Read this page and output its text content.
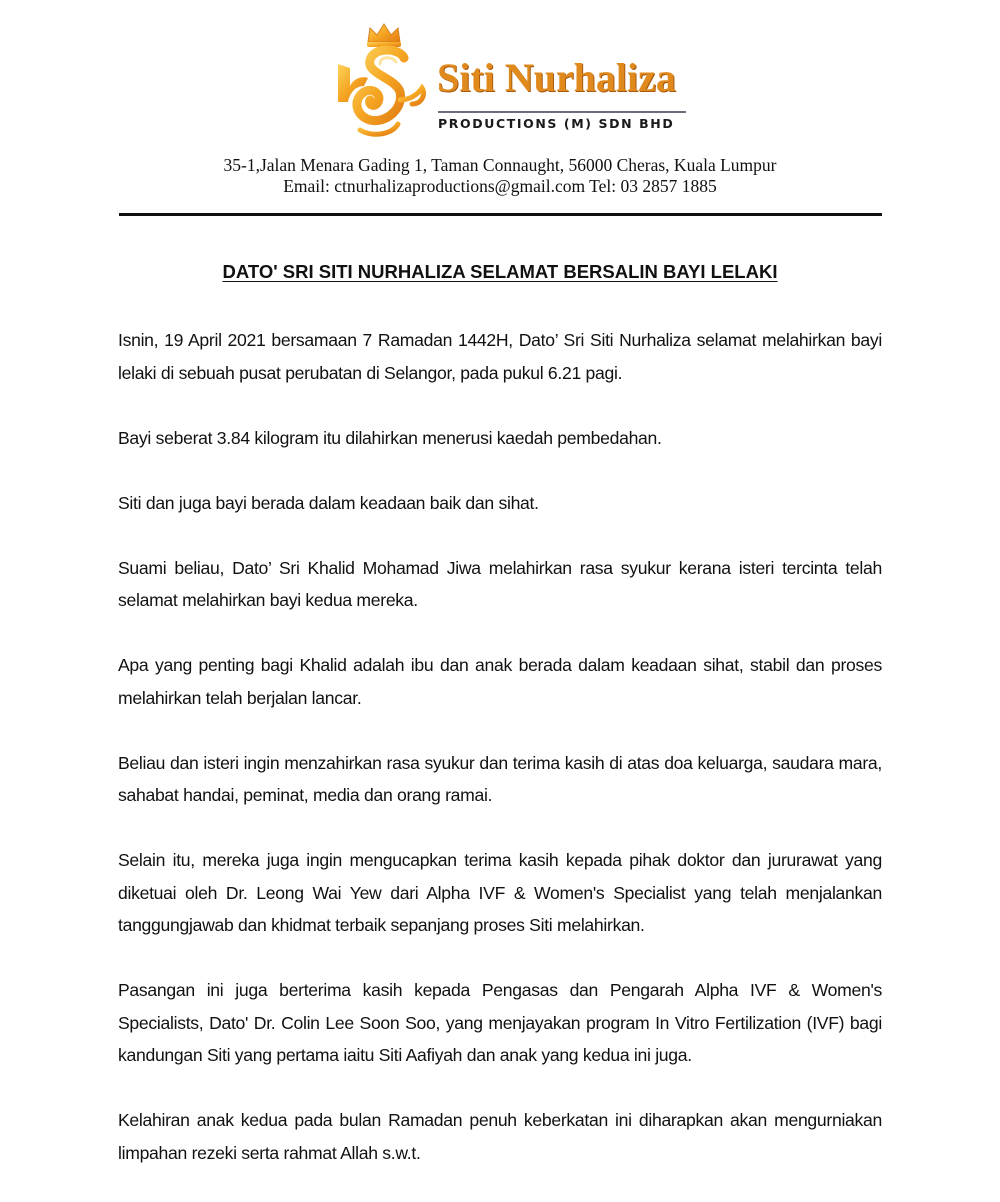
Siti Nurhaliza
PRODUCTIONS (M) SDN BHD
35-1,Jalan Menara Gading 1, Taman Connaught, 56000 Cheras, Kuala Lumpur
Email: ctnurhalizaproductions@gmail.com Tel: 03 2857 1885
DATO' SRI SITI NURHALIZA SELAMAT BERSALIN BAYI LELAKI

Isnin, 19 April 2021 bersamaan 7 Ramadan 1442H, Dato’ Sri Siti Nurhaliza selamat melahirkan bayi lelaki di sebuah pusat perubatan di Selangor, pada pukul 6.21 pagi.

Bayi seberat 3.84 kilogram itu dilahirkan menerusi kaedah pembedahan.

Siti dan juga bayi berada dalam keadaan baik dan sihat.

Suami beliau, Dato’ Sri Khalid Mohamad Jiwa melahirkan rasa syukur kerana isteri tercinta telah selamat melahirkan bayi kedua mereka.

Apa yang penting bagi Khalid adalah ibu dan anak berada dalam keadaan sihat, stabil dan proses melahirkan telah berjalan lancar.

Beliau dan isteri ingin menzahirkan rasa syukur dan terima kasih di atas doa keluarga, saudara mara, sahabat handai, peminat, media dan orang ramai.

Selain itu, mereka juga ingin mengucapkan terima kasih kepada pihak doktor dan jururawat yang diketuai oleh Dr. Leong Wai Yew dari Alpha IVF & Women's Specialist yang telah menjalankan tanggungjawab dan khidmat terbaik sepanjang proses Siti melahirkan.

Pasangan ini juga berterima kasih kepada Pengasas dan Pengarah Alpha IVF & Women's Specialists, Dato' Dr. Colin Lee Soon Soo, yang menjayakan program In Vitro Fertilization (IVF) bagi kandungan Siti yang pertama iaitu Siti Aafiyah dan anak yang kedua ini juga.

Kelahiran anak kedua pada bulan Ramadan penuh keberkatan ini diharapkan akan mengurniakan limpahan rezeki serta rahmat Allah s.w.t.
